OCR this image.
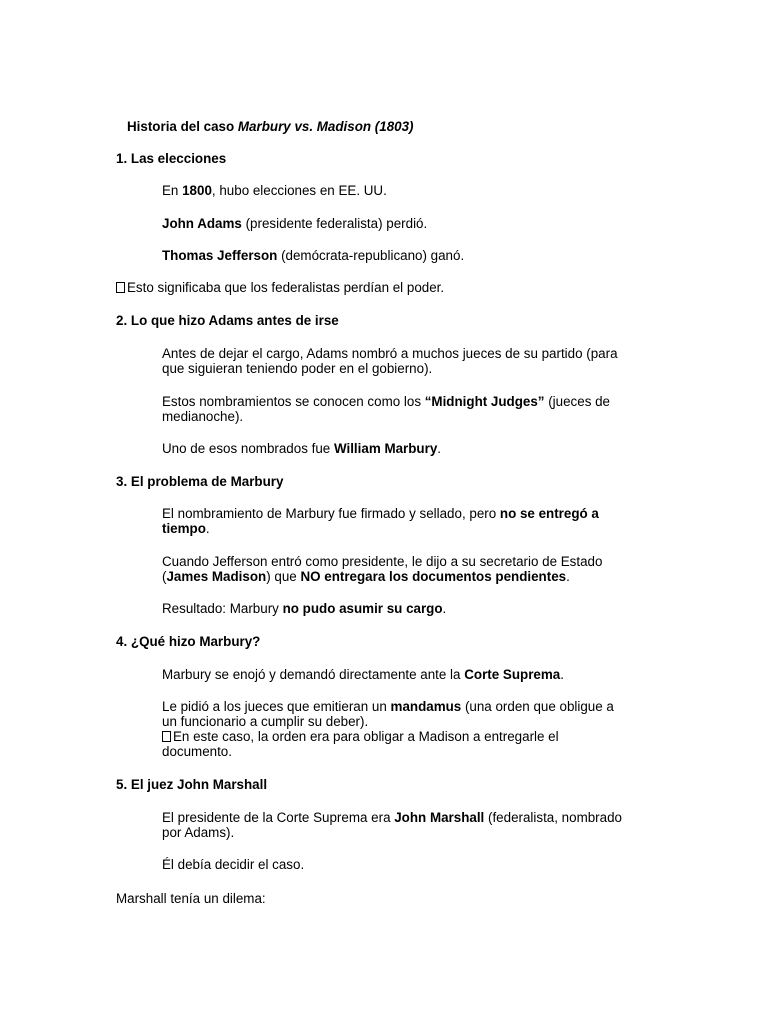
Historia del caso Marbury vs. Madison (1803)

1. Las elecciones

En 1800, hubo elecciones en EE. UU.

John Adams (presidente federalista) perdió.

Thomas Jefferson (demócrata-republicano) ganó.

Esto significaba que los federalistas perdían el poder.

2. Lo que hizo Adams antes de irse

Antes de dejar el cargo, Adams nombró a muchos jueces de su partido (para
que siguieran teniendo poder en el gobierno).

Estos nombramientos se conocen como los “Midnight Judges” (jueces de
medianoche).

Uno de esos nombrados fue William Marbury.

3. El problema de Marbury

El nombramiento de Marbury fue firmado y sellado, pero no se entregó a
tiempo.

Cuando Jefferson entró como presidente, le dijo a su secretario de Estado
(James Madison) que NO entregara los documentos pendientes.

Resultado: Marbury no pudo asumir su cargo.

4. ¿Qué hizo Marbury?

Marbury se enojó y demandó directamente ante la Corte Suprema.

Le pidió a los jueces que emitieran un mandamus (una orden que obligue a
un funcionario a cumplir su deber).
En este caso, la orden era para obligar a Madison a entregarle el
documento.

5. El juez John Marshall

El presidente de la Corte Suprema era John Marshall (federalista, nombrado
por Adams).

Él debía decidir el caso.

Marshall tenía un dilema:
